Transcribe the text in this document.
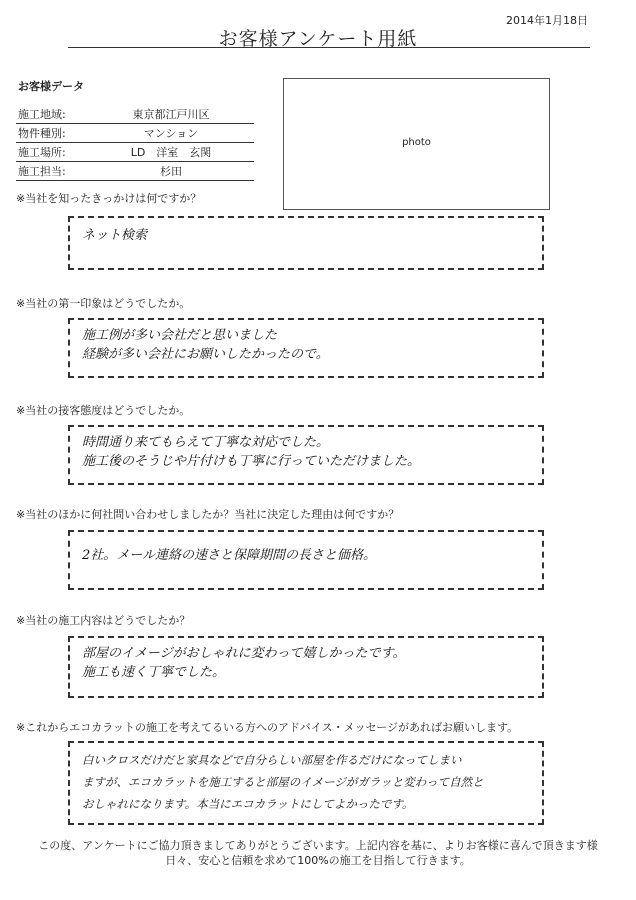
2014年1月18日
お客様アンケート用紙
お客様データ
施工地域:	東京都江戸川区
物件種別:	マンション
施工場所:	LD　洋室　玄関
施工担当:	杉田
photo
※当社を知ったきっかけは何ですか？
ネット検索
※当社の第一印象はどうでしたか。
施工例が多い会社だと思いました
経験が多い会社にお願いしたかったので。
※当社の接客態度はどうでしたか。
時間通り来てもらえて丁寧な対応でした。
施工後のそうじや片付けも丁寧に行っていただけました。
※当社のほかに何社問い合わせしましたか？当社に決定した理由は何ですか？
2社。メール連絡の速さと保障期間の長さと価格。
※当社の施工内容はどうでしたか？
部屋のイメージがおしゃれに変わって嬉しかったです。
施工も速く丁寧でした。
※これからエコカラットの施工を考えてるいる方へのアドバイス・メッセージがあればお願いします。
白いクロスだけだと家具などで自分らしい部屋を作るだけになってしまい
ますが、エコカラットを施工すると部屋のイメージがガラッと変わって自然と
おしゃれになります。本当にエコカラットにしてよかったです。
この度、アンケートにご協力頂きましてありがとうございます。上記内容を基に、よりお客様に喜んで頂きます様
日々、安心と信頼を求めて100%の施工を目指して行きます。
